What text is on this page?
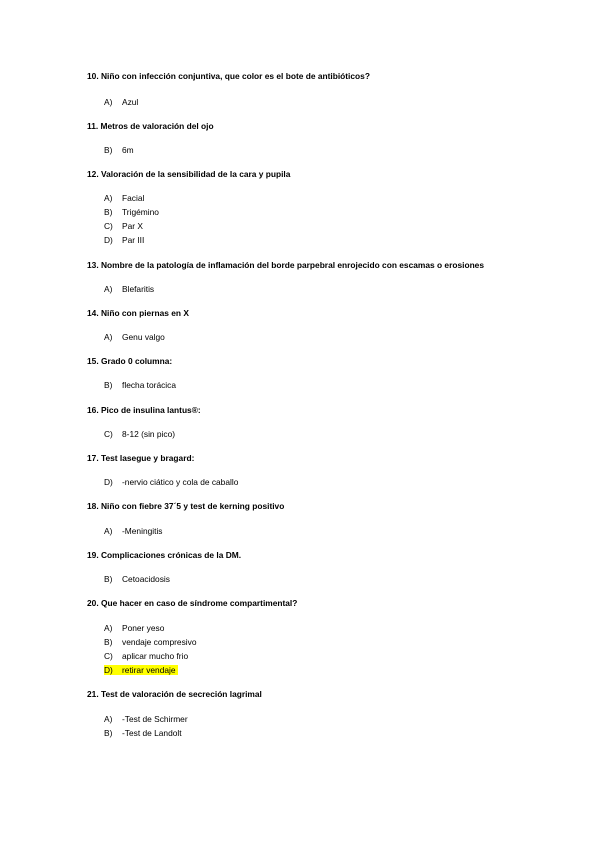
10. Niño con infección conjuntiva, que color es el bote de antibióticos?
A) Azul
11. Metros de valoración del ojo
B) 6m
12. Valoración de la sensibilidad de la cara y pupila
A) Facial
B) Trigémino
C) Par X
D) Par III
13. Nombre de la patología de inflamación del borde parpebral enrojecido con escamas o erosiones
A) Blefaritis
14. Niño con piernas en X
A) Genu valgo
15. Grado 0 columna:
B) flecha torácica
16. Pico de insulina lantus®:
C) 8-12 (sin pico)
17. Test lasegue y bragard:
D) -nervio ciático y cola de caballo
18. Niño con fiebre 37´5 y test de kerning positivo
A) -Meningitis
19. Complicaciones crónicas de la DM.
B) Cetoacidosis
20. Que hacer en caso de síndrome compartimental?
A) Poner yeso
B) vendaje compresivo
C) aplicar mucho frio
D) retirar vendaje
21. Test de valoración de secreción lagrimal
A) -Test de Schirmer
B) -Test de Landolt
